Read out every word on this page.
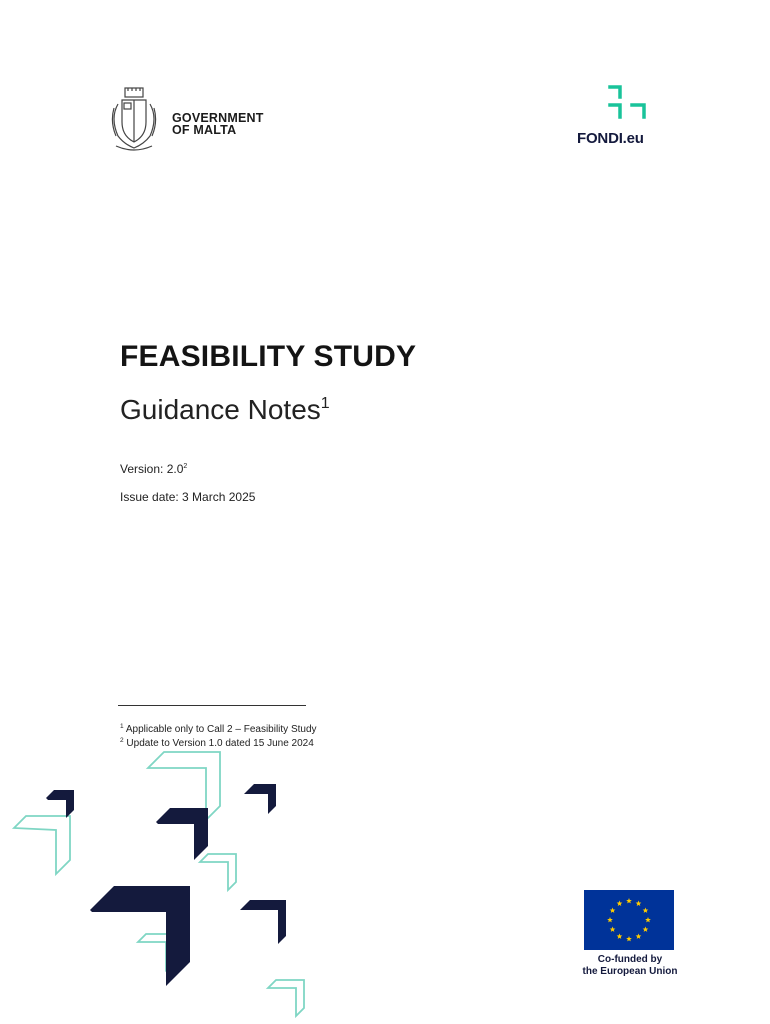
GOVERNMENT
OF MALTA	FONDI.eu
FEASIBILITY STUDY
Guidance Notes$^1$

Version: $2.0^2$

Issue date: 3 March 2025

$^1$ Applicable only to Call 2 – Feasibility Study

$^2$ Update to Version 1.0 dated 15 June 2024

Co-funded by
the European Union
